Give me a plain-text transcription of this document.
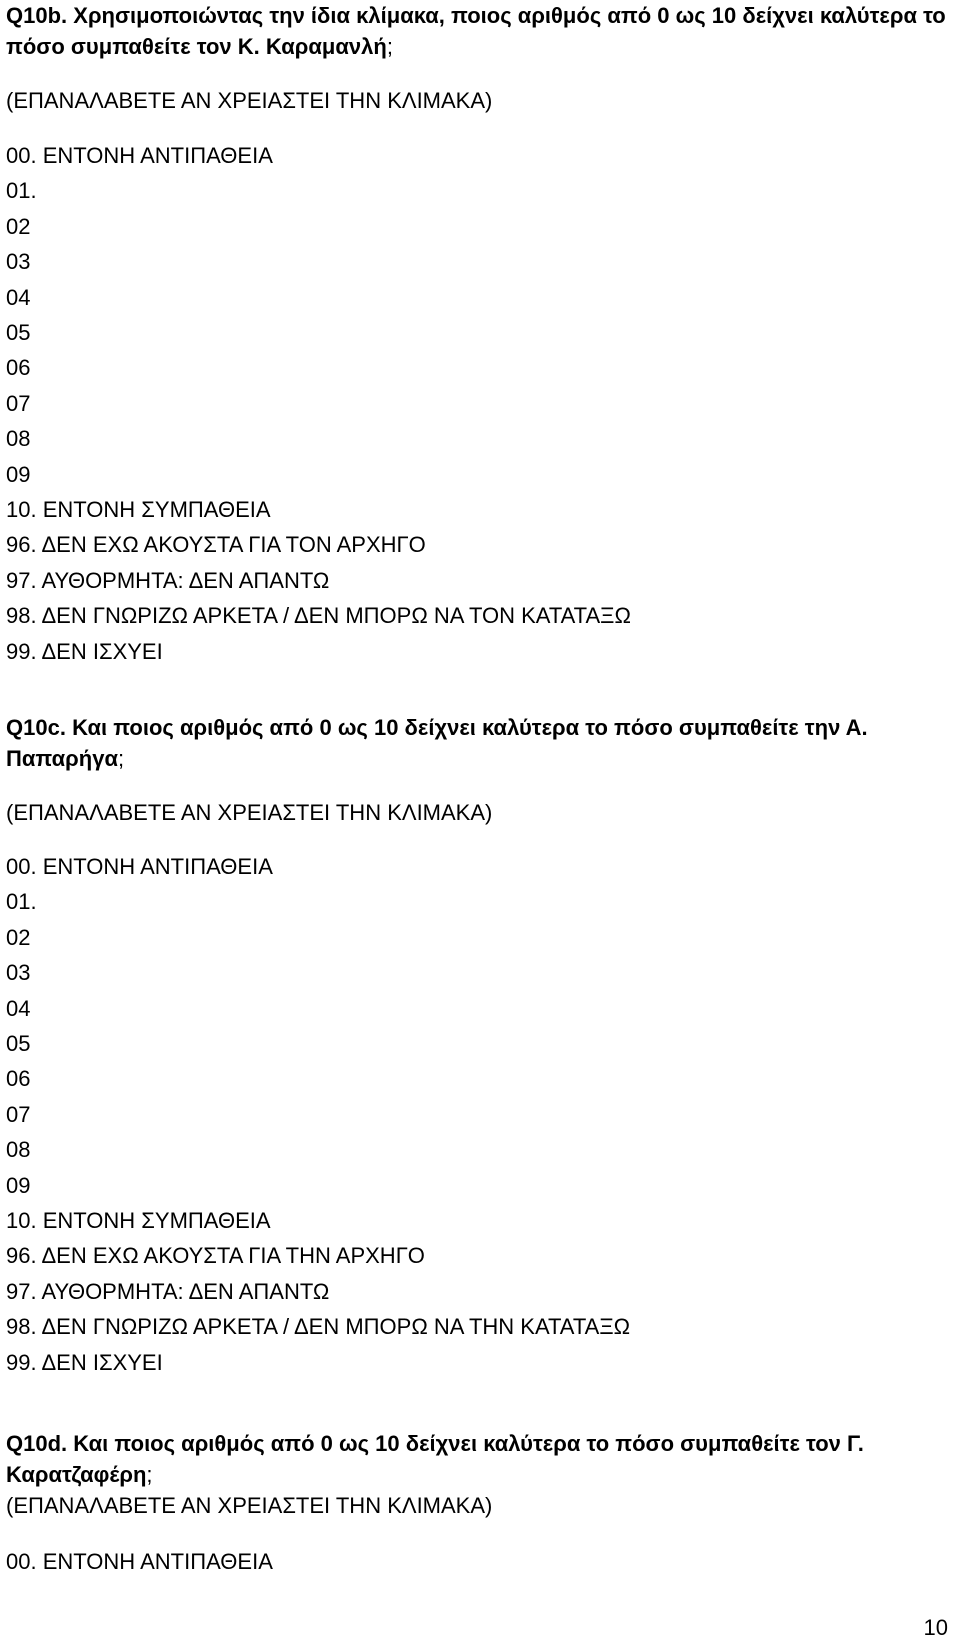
Q10b. Χρησιμοποιώντας την ίδια κλίμακα, ποιος αριθμός από 0 ως 10 δείχνει καλύτερα το πόσο συμπαθείτε τον Κ. Καραμανλή;
(ΕΠΑΝΑΛΑΒΕΤΕ ΑΝ ΧΡΕΙΑΣΤΕΙ ΤΗΝ ΚΛΙΜΑΚΑ)
00. ΕΝΤΟΝΗ ΑΝΤΙΠΑΘΕΙΑ
01.
02
03
04
05
06
07
08
09
10. ΕΝΤΟΝΗ ΣΥΜΠΑΘΕΙΑ
96. ΔΕΝ ΕΧΩ ΑΚΟΥΣΤΑ ΓΙΑ ΤΟΝ ΑΡΧΗΓΟ
97. ΑΥΘΟΡΜΗΤΑ: ΔΕΝ ΑΠΑΝΤΩ
98. ΔΕΝ ΓΝΩΡΙΖΩ ΑΡΚΕΤΑ / ΔΕΝ ΜΠΟΡΩ ΝΑ ΤΟΝ ΚΑΤΑΤΑΞΩ
99. ΔΕΝ ΙΣΧΥΕΙ
Q10c. Και ποιος αριθμός από 0 ως 10 δείχνει καλύτερα το πόσο συμπαθείτε την Α. Παπαρήγα;
(ΕΠΑΝΑΛΑΒΕΤΕ ΑΝ ΧΡΕΙΑΣΤΕΙ ΤΗΝ ΚΛΙΜΑΚΑ)
00. ΕΝΤΟΝΗ ΑΝΤΙΠΑΘΕΙΑ
01.
02
03
04
05
06
07
08
09
10. ΕΝΤΟΝΗ ΣΥΜΠΑΘΕΙΑ
96. ΔΕΝ ΕΧΩ ΑΚΟΥΣΤΑ ΓΙΑ ΤΗΝ ΑΡΧΗΓΟ
97. ΑΥΘΟΡΜΗΤΑ: ΔΕΝ ΑΠΑΝΤΩ
98. ΔΕΝ ΓΝΩΡΙΖΩ ΑΡΚΕΤΑ / ΔΕΝ ΜΠΟΡΩ ΝΑ ΤΗΝ ΚΑΤΑΤΑΞΩ
99. ΔΕΝ ΙΣΧΥΕΙ
Q10d. Και ποιος αριθμός από 0 ως 10 δείχνει καλύτερα το πόσο συμπαθείτε τον Γ. Καρατζαφέρη;
(ΕΠΑΝΑΛΑΒΕΤΕ ΑΝ ΧΡΕΙΑΣΤΕΙ ΤΗΝ ΚΛΙΜΑΚΑ)
00. ΕΝΤΟΝΗ ΑΝΤΙΠΑΘΕΙΑ
10
